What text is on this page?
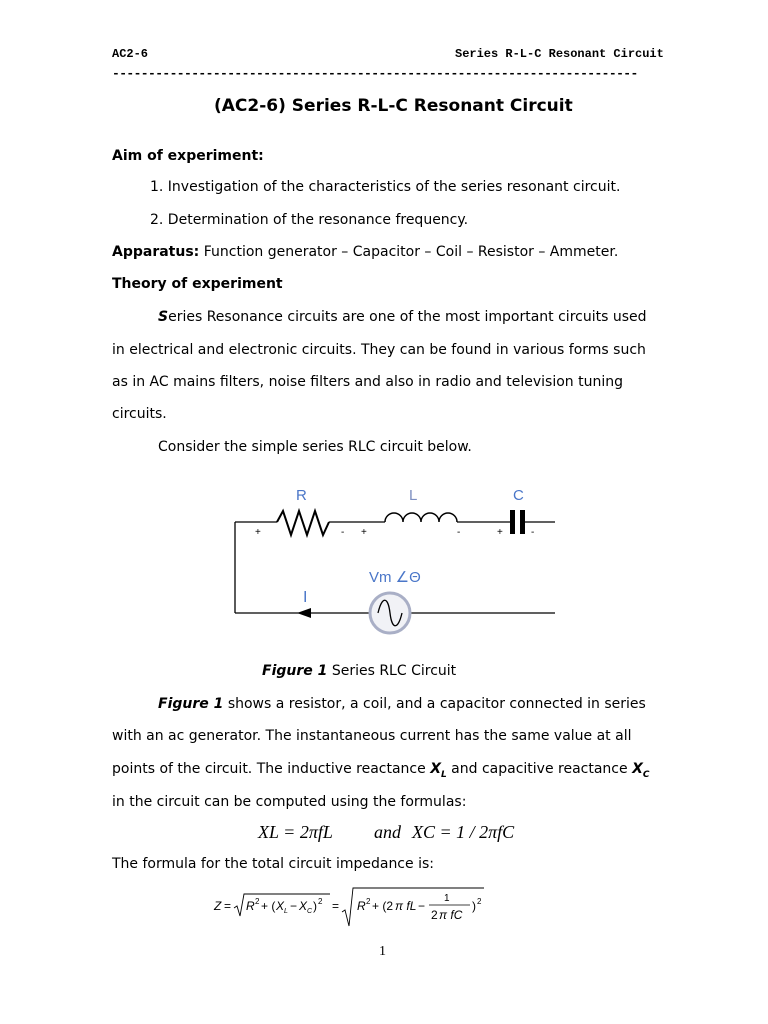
AC2-6	Series R-L-C Resonant Circuit
-------------------------------------------------------------------------
(AC2-6) Series R-L-C Resonant Circuit
Aim of experiment:
1. Investigation of the characteristics of the series resonant circuit.
2. Determination of the resonance frequency.
Apparatus: Function generator – Capacitor – Coil – Resistor – Ammeter.
Theory of experiment
Series Resonance circuits are one of the most important circuits used
in electrical and electronic circuits. They can be found in various forms such
as in AC mains filters, noise filters and also in radio and television tuning
circuits.
Consider the simple series RLC circuit below.
R	L	C
Vm ∠Θ
I
+	- +	-	+	-
Figure 1 Series RLC Circuit
Figure 1 shows a resistor, a coil, and a capacitor connected in series
with an ac generator. The instantaneous current has the same value at all
points of the circuit. The inductive reactance $X_L$ and capacitive reactance $X_C$
in the circuit can be computed using the formulas:
XL = 2πfL and XC = 1 / 2πfC
The formula for the total circuit impedance is:
Z = R 2 + ( X L − X C ) 2 = R 2 + (2 π fL −
1
2 π fC
) 2
1
